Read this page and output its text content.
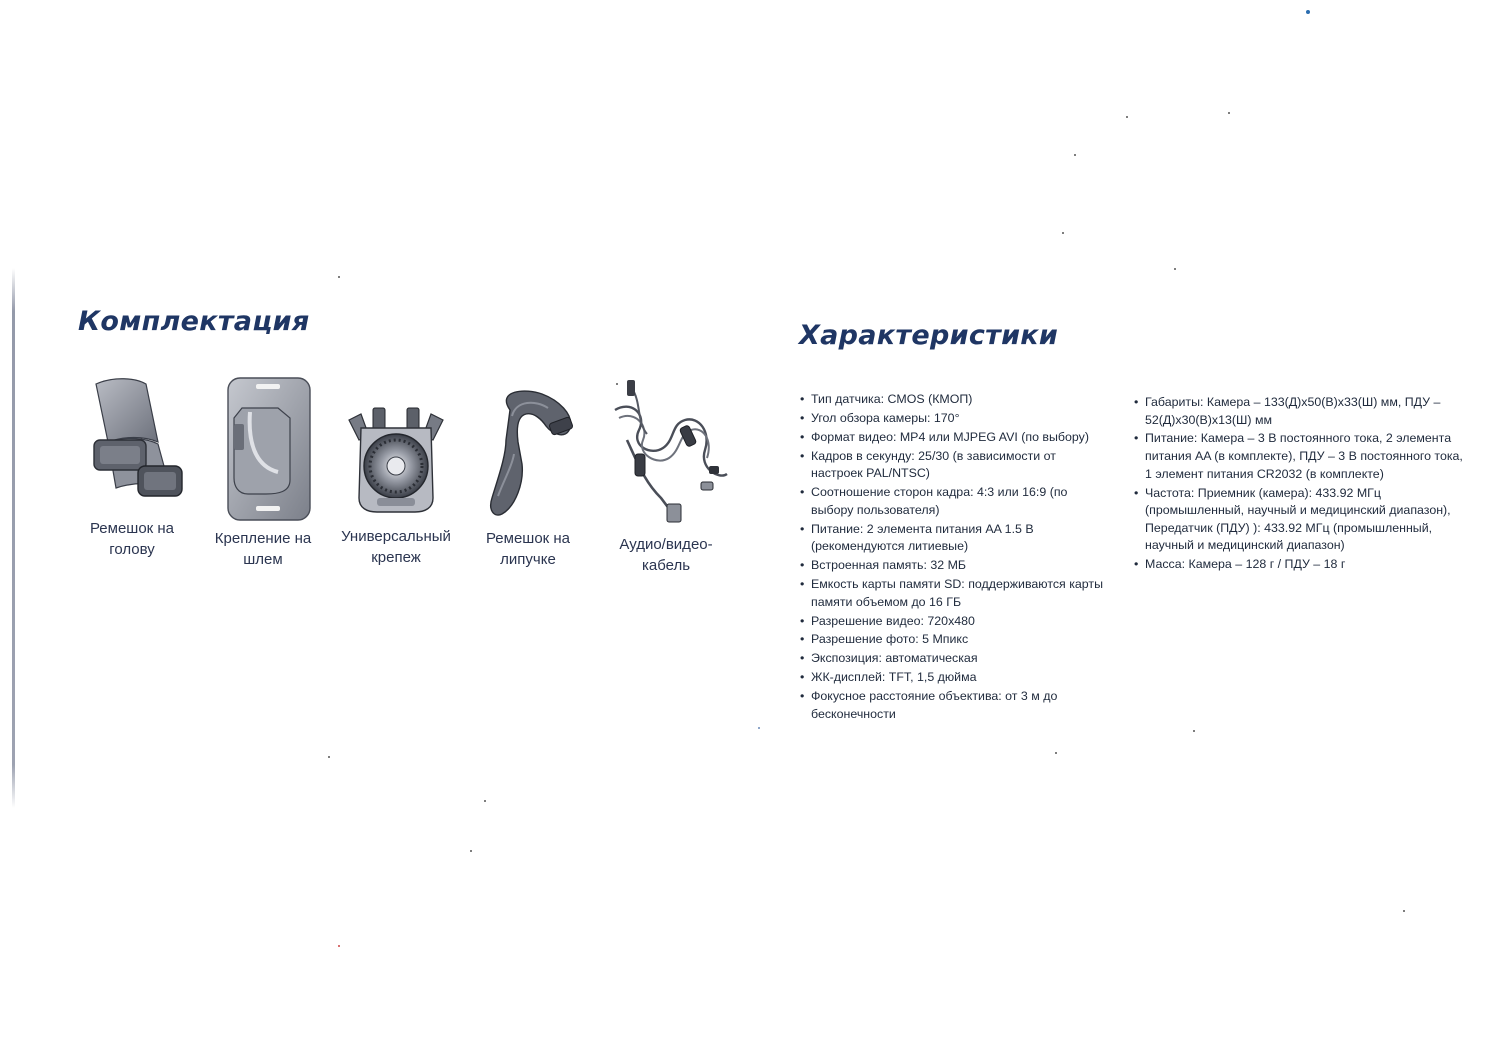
Комплектация	Характеристики
Ремешок на
голову
Крепление на
шлем
Универсальный
крепеж
Ремешок на
липучке
Аудио/видео-
кабель
• Тип датчика: CMOS (КМОП)
• Угол обзора камеры: 170°
• Формат видео: MP4 или MJPEG AVI (по выбору)
• Кадров в секунду: 25/30 (в зависимости от настроек PAL/NTSC)
• Соотношение сторон кадра: 4:3 или 16:9 (по выбору пользователя)
• Питание: 2 элемента питания AA 1.5 В (рекомендуются литиевые)
• Встроенная память: 32 МБ
• Емкость карты памяти SD: поддерживаются карты памяти объемом до 16 ГБ
• Разрешение видео: 720x480
• Разрешение фото: 5 Мпикс
• Экспозиция: автоматическая
• ЖК-дисплей: TFT, 1,5 дюйма
• Фокусное расстояние объектива: от 3 м до бесконечности
• Габариты: Камера – 133(Д)x50(В)x33(Ш) мм, ПДУ – 52(Д)x30(В)x13(Ш) мм
• Питание: Камера – 3 В постоянного тока, 2 элемента питания AA (в комплекте), ПДУ – 3 В постоянного тока, 1 элемент питания CR2032 (в комплекте)
• Частота: Приемник (камера): 433.92 МГц (промышленный, научный и медицинский диапазон), Передатчик (ПДУ) ): 433.92 МГц (промышленный, научный и медицинский диапазон)
• Масса: Камера – 128 г / ПДУ – 18 г
